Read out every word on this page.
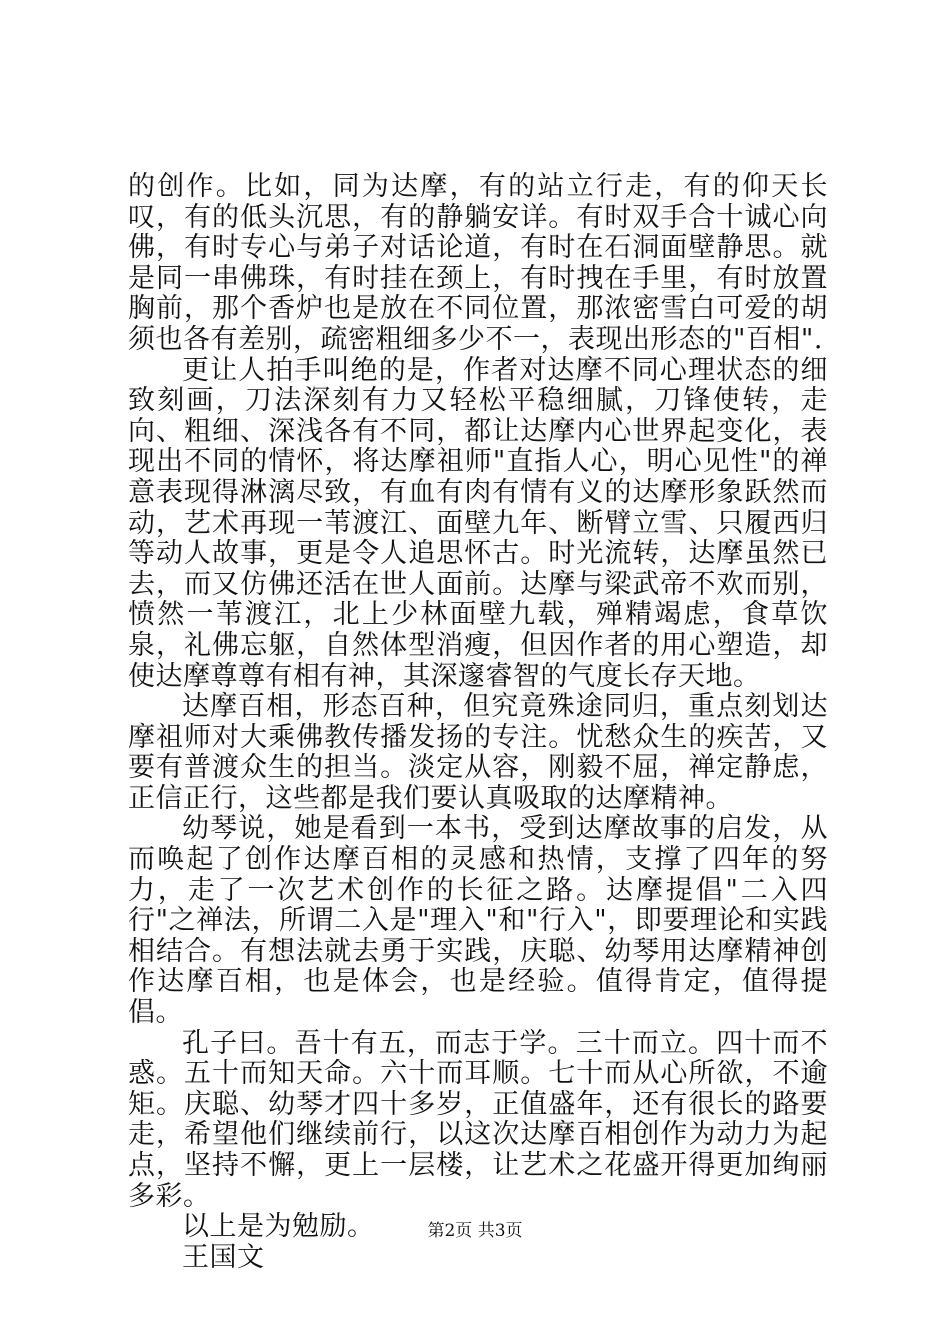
的创作。比如，同为达摩，有的站立行走，有的仰天长叹，有的低头沉思，有的静躺安详。有时双手合十诚心向佛，有时专心与弟子对话论道，有时在石洞面壁静思。就是同一串佛珠，有时挂在颈上，有时拽在手里，有时放置胸前，那个香炉也是放在不同位置，那浓密雪白可爱的胡须也各有差别，疏密粗细多少不一，表现出形态的"百相".

更让人拍手叫绝的是，作者对达摩不同心理状态的细致刻画，刀法深刻有力又轻松平稳细腻，刀锋使转，走向、粗细、深浅各有不同，都让达摩内心世界起变化，表现出不同的情怀，将达摩祖师"直指人心，明心见性"的禅意表现得淋漓尽致，有血有肉有情有义的达摩形象跃然而动，艺术再现一苇渡江、面壁九年、断臂立雪、只履西归等动人故事，更是令人追思怀古。时光流转，达摩虽然已去，而又仿佛还活在世人面前。达摩与梁武帝不欢而别，愤然一苇渡江，北上少林面壁九载，殚精竭虑，食草饮泉，礼佛忘躯，自然体型消瘦，但因作者的用心塑造，却使达摩尊尊有相有神，其深邃睿智的气度长存天地。

达摩百相，形态百种，但究竟殊途同归，重点刻划达摩祖师对大乘佛教传播发扬的专注。忧愁众生的疾苦，又要有普渡众生的担当。淡定从容，刚毅不屈，禅定静虑，正信正行，这些都是我们要认真吸取的达摩精神。

幼琴说，她是看到一本书，受到达摩故事的启发，从而唤起了创作达摩百相的灵感和热情，支撑了四年的努力，走了一次艺术创作的长征之路。达摩提倡"二入四行"之禅法，所谓二入是"理入"和"行入"，即要理论和实践相结合。有想法就去勇于实践，庆聪、幼琴用达摩精神创作达摩百相，也是体会，也是经验。值得肯定，值得提倡。

孔子曰。吾十有五，而志于学。三十而立。四十而不惑。五十而知天命。六十而耳顺。七十而从心所欲，不逾矩。庆聪、幼琴才四十多岁，正值盛年，还有很长的路要走，希望他们继续前行，以这次达摩百相创作为动力为起点，坚持不懈，更上一层楼，让艺术之花盛开得更加绚丽多彩。

以上是为勉励。

王国文

第2页 共3页
